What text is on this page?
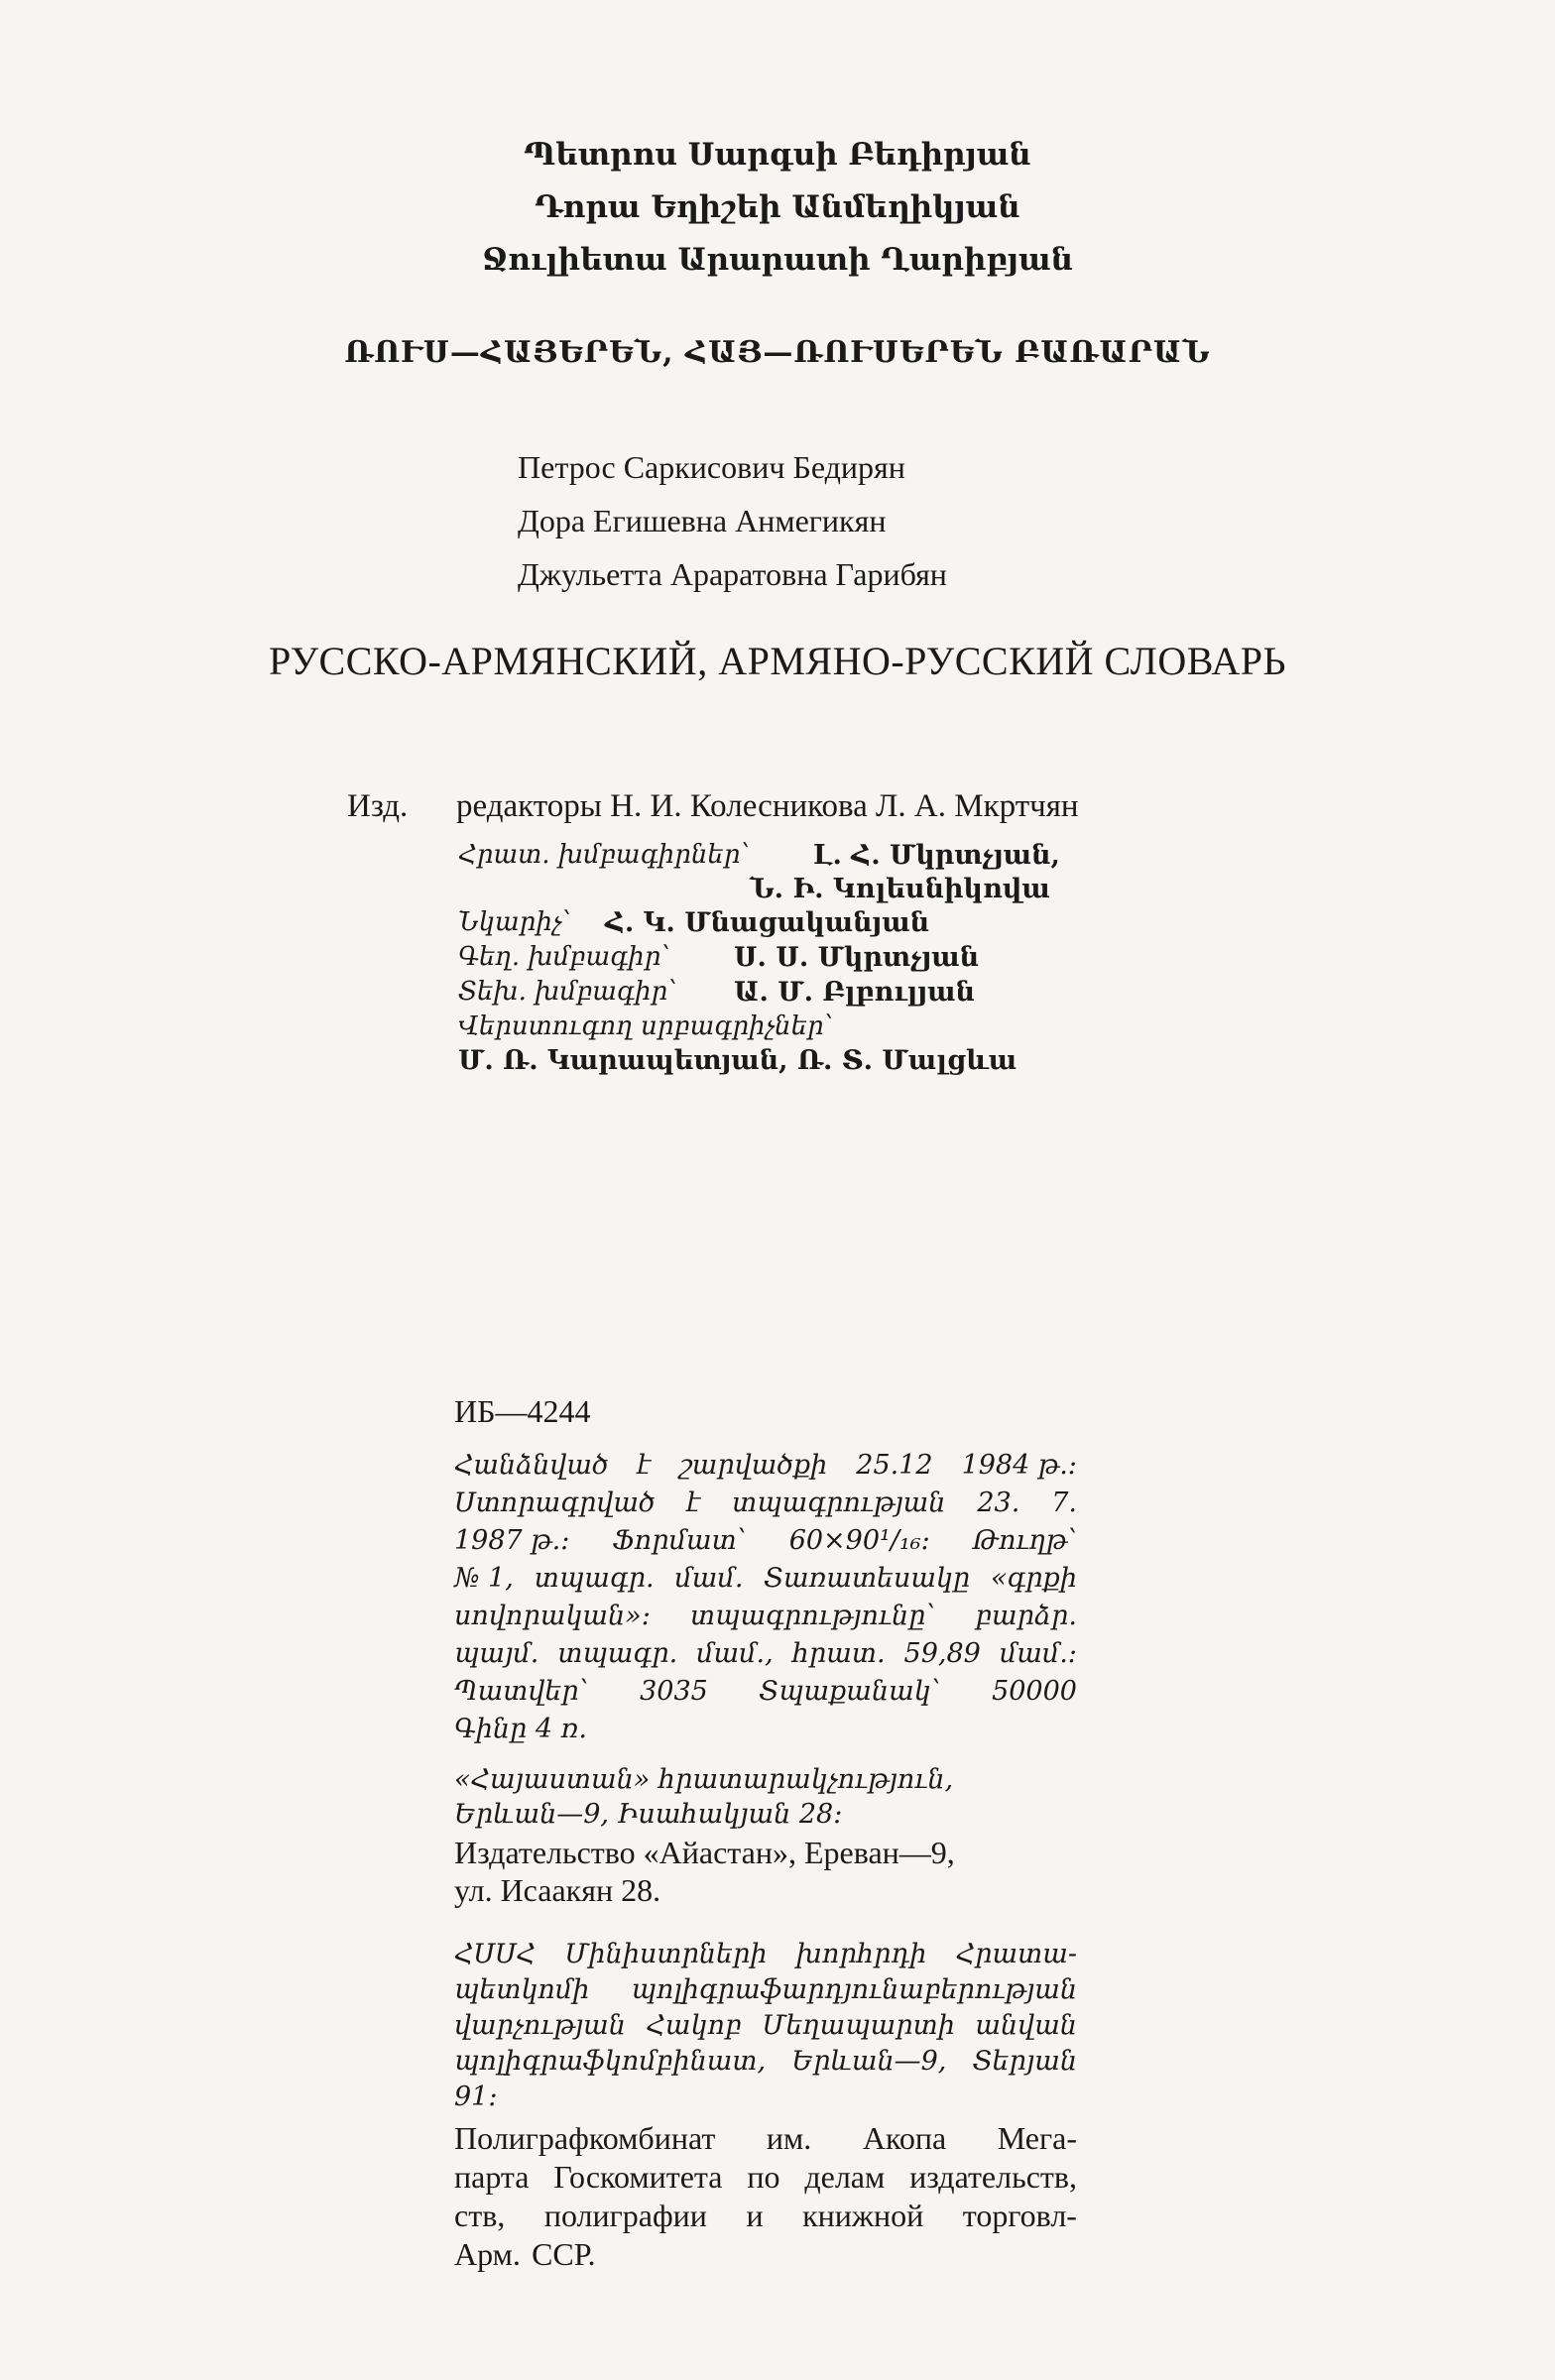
Պետրոս Սարգսի Բեդիրյան
Դորա Եղիշեի Անմեղիկյան
Ջուլիետա Արարատի Ղարիբյան
ՌՈՒՍ—ՀԱՅԵՐԵՆ, ՀԱՅ—ՌՈՒՍԵՐԵՆ ԲԱՌԱՐԱՆ
Петрос Саркисович Бедирян
Дора Егишевна Анмегикян
Джульетта Араратовна Гарибян
РУССКО-АРМЯНСКИЙ, АРМЯНО-РУССКИЙ СЛОВАРЬ
Изд. редакторы Н. И. Колесникова Л. А. Мкртчян
Հրատ. խմբագիրներ՝ Լ. Հ. Մկրտչյան,
Ն. Ի. Կոլեսնիկովա
Նկարիչ՝ Հ. Կ. Մնացականյան
Գեղ. խմբագիր՝ Ս. Ս. Մկրտչյան
Տեխ. խմբագիր՝ Ա. Մ. Բլբուլյան
Վերստուգող սրբագրիչներ՝
Մ. Ռ. Կարապետյան, Ռ. Տ. Մալցևա
ИБ—4244
Հանձնված է շարվածքի 25.12 1984 թ.։
Ստորագրված է տպագրության 23. 7.
1987 թ.։ Ֆորմատ՝ 60×90¹/₁₆։ Թուղթ՝
№ 1, տպագր. մամ. Տառատեսակը «գրքի
սովորական»։ տպագրությունը՝ բարձր.
պայմ. տպագր. մամ., հրատ. 59,89 մամ.։
Պատվեր՝ 3035 Տպաքանակ՝ 50000
Գինը 4 ռ.
«Հայաստան» հրատարակչություն,
Երևան—9, Իսահակյան 28։
Издательство «Айастан», Ереван—9,
ул. Исаакян 28.
ՀՍՍՀ Մինիստրների խորհրդի Հրատա-
պետկոմի պոլիգրաֆարդյունաբերության
վարչության Հակոբ Մեղապարտի անվան
պոլիգրաֆկոմբինատ, Երևան—9, Տերյան
91։
Полиграфкомбинат им. Акопа Мега-
парта Госкомитета по делам издательств,
ств, полиграфии и книжной торговл-
Арм. ССР.
